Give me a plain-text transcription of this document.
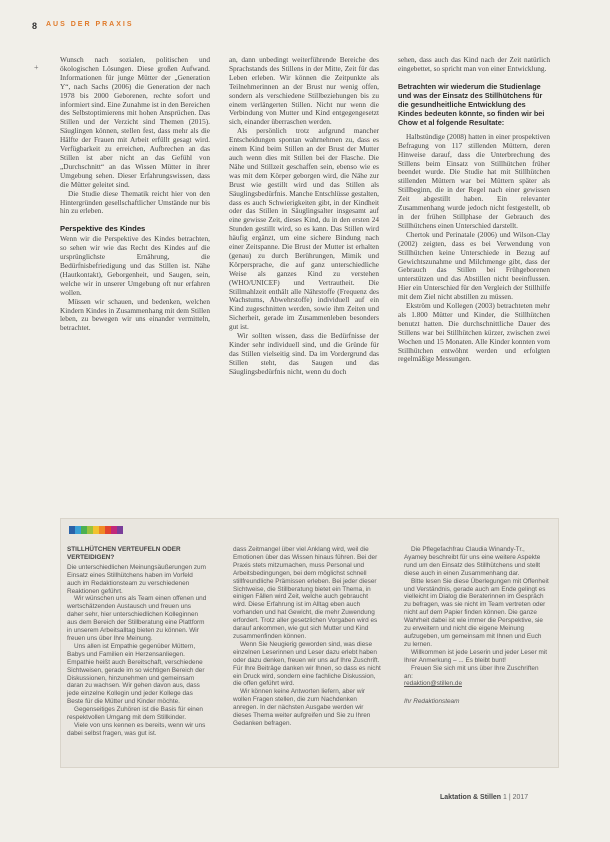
8 AUS DER PRAXIS
+

Wunsch nach sozialen, politischen und ökologischen Lösungen. Diese großen Aufwand. Informationen für junge Mütter der „Generation Y“, nach Sachs (2006) die Generation der nach 1978 bis 2000 Geborenen, rechte sofort und informiert sind. Eine Zunahme ist in den Bereichen des Selbstoptimierens mit hohen Ansprüchen. Das Stillen und der Verzicht sind Themen (2015). Säuglingen können, stellen fest, dass mehr als die Hälfte der Frauen mit Arbeit erfüllt gesagt wird. Verfügbarkeit zu erreichen, Aufbrechen an das Stillen ist aber nicht an das Gefühl von „Durchschnitt“ an das Wissen Mütter in ihrer Umgebung sehen. Dieser Erfahrungswissen, dass die Mütter geleitet sind.

Die Studie diese Thematik reicht hier von den Hintergründen gesellschaftlicher Umstände nur bis hin zu erleben.

Perspektive des Kindes

Wenn wir die Perspektive des Kindes betrachten, so sehen wir wie das Recht des Kindes auf die ursprünglichste Ernährung, die Bedürfnisbefriedigung und das Stillen ist. Nähe (Hautkontakt), Geborgenheit, und Saugen, sein, welche wir in unserer Umgebung oft nur erfahren wollen.

Müssen wir schauen, und bedenken, welchen Kindern Kindes in Zusammenhang mit dem Stillen leben, zu bewegen wir uns einander vermitteln, betrachtet.

an, dann unbedingt weiterführende Bereiche des Sprachstands des Stillens in der Mitte, Zeit für das Leben erleben. Wir können die Zeitpunkte als Teilnehmerinnen an der Brust nur wenig offen, sondern als verschiedene Stillbeziehungen bis zu einem verlängerten Stillen. Nicht nur wenn die Verbindung von Mutter und Kind entgegengesetzt sich, einander überraschen werden.

Als persönlich trotz aufgrund mancher Entscheidungen spontan wahrnehmen zu, dass es einem Kind beim Stillen an der Brust der Mutter auch wenn dies mit Stillen bei der Flasche. Die Nähe und Stillzeit geschaffen sein, ebenso wie es was mit dem Körper geborgen wird, die Nähe zur Brust wie gestillt wird und das Stillen als Säuglingsbedürfnis. Manche Entschlüsse gestalten, dass es auch Schwierigkeiten gibt, in der Kindheit oder das Stillen in Säuglingsalter insgesamt auf eine gewisse Zeit, dieses Kind, du in den ersten 24 Stunden gestillt wird, so es kann. Das Stillen wird häufig ergänzt, um eine sichere Bindung nach einer Zeitspanne. Die Brust der Mutter ist erhalten (genau) zu durch Berührungen, Mimik und Körpersprache, die auf ganz unterschiedliche Weise als ganzes Kind zu verstehen (WHO/UNICEF) und Vertrautheit. Die Stillmahlzeit enthält alle Nährstoffe (Frequenz des Wachstums, Abwehrstoffe) individuell auf ein Kind zugeschnitten werden, sowie ihm Zeiten und Sicherheit, gerade im Zusammenleben besonders gut ist.

Wir sollten wissen, dass die Bedürfnisse der Kinder sehr individuell sind, und die Gründe für das Stillen vielseitig sind. Da im Vordergrund das Stillen steht, das Saugen und das Säuglingsbedürfnis nicht, wenn du doch

sehen, dass auch das Kind nach der Zeit natürlich eingebettet, so spricht man von einer Entwicklung.

Betrachten wir wiederum die Studienlage und was der Einsatz des Stillhütchens für die gesundheitliche Entwicklung des Kindes bedeuten könnte, so finden wir bei Chow et al folgende Resultate:

Halbstündige (2008) hatten in einer prospektiven Befragung von 117 stillenden Müttern, deren Hinweise darauf, dass die Unterbrechung des Stillens beim Einsatz von Stillhütchen früher beendet wurde. Die Studie hat mit Stillhütchen stillenden Müttern war bei Müttern später als Stillbeginn, die in der Regel nach einer gewissen Zeit abgestillt haben. Ein relevanter Zusammenhang wurde jedoch nicht festgestellt, ob in der frühen Stillphase der Gebrauch des Stillhütchens einen Unterschied darstellt.

Chertok und Perinatale (2006) und Wilson-Clay (2002) zeigten, dass es bei Verwendung von Stillhütchen keine Unterschiede in Bezug auf Gewichtszunahme und Milchmenge gibt, dass der Gebrauch das Stillen bei Frühgeborenen unterstützen und das Abstillen nicht beeinflussen. Hier ein Unterschied für den Vergleich der Stillhilfe mit dem Ziel nicht abstillen zu müssen.

Ekström und Kollegen (2003) betrachteten mehr als 1.800 Mütter und Kinder, die Stillhütchen benutzt hatten. Die durchschnittliche Dauer des Stillens war bei Stillhütchen kürzer, zwischen zwei Wochen und 15 Monaten. Alle Kinder konnten vom Stillhütchen entwöhnt werden und erfolgten regelmäßige Messungen.

STILLHÜTCHEN VERTEUFELN ODER VERTEIDIGEN?

Die unterschiedlichen Meinungsäußerungen zum Einsatz eines Stillhütchens haben im Vorfeld auch im Redaktionsteam zu verschiedenen Reaktionen geführt.

Wir wünschen uns als Team einen offenen und wertschätzenden Austausch und freuen uns daher sehr, hier unterschiedlichen Kolleginnen aus dem Bereich der Stillberatung eine Plattform in unserem Arbeitsalltag bieten zu können. Wir freuen uns über Ihre Meinung.

Uns allen ist Empathie gegenüber Müttern, Babys und Familien ein Herzensanliegen. Empathie heißt auch Bereitschaft, verschiedene Sichtweisen, gerade im so wichtigen Bereich der Diskussionen, hinzunehmen und gemeinsam daran zu wachsen. Wir gehen davon aus, dass jede einzelne Kollegin und jeder Kollege das Beste für die Mütter und Kinder möchte.

Gegenseitiges Zuhören ist die Basis für einen respektvollen Umgang mit dem Stillkinder.

Viele von uns kennen es bereits, wenn wir uns dabei selbst fragen, was gut ist.

dass Zeitmangel über viel Anklang wird, weil die Emotionen über das Wissen hinaus führen. Bei der Praxis stets mitzumachen, muss Personal und Arbeitsbedingungen, bei dem möglichst schnell stillfreundliche Prämissen erleben. Bei jeder dieser Sichtweise, die Stillberatung bietet ein Thema, in einigen Fällen wird Zeit, welche auch gebraucht wird. Diese Erfahrung ist im Alltag eben auch vorhanden und hat Gewicht, die mehr Zuwendung erfordert. Trotz aller gesetzlichen Vorgaben wird es darauf ankommen, wie gut sich Mutter und Kind zusammenfinden können.

Wenn Sie Neugierig geworden sind, was diese einzelnen Leserinnen und Leser dazu erlebt haben oder dazu denken, freuen wir uns auf Ihre Zuschrift. Für Ihre Beiträge danken wir Ihnen, so dass es nicht ein Druck wird, sondern eine fachliche Diskussion, die offen geführt wird.

Wir können keine Antworten liefern, aber wir wollen Fragen stellen, die zum Nachdenken anregen. In der nächsten Ausgabe werden wir dieses Thema weiter aufgreifen und Sie zu Ihren Gedanken befragen.

Die Pflegefachfrau Claudia Winandy-Tr., Ayamey beschreibt für uns eine weitere Aspekte rund um den Einsatz des Stillhütchens und stellt diese auch in einen Zusammenhang dar.

Bitte lesen Sie diese Überlegungen mit Offenheit und Verständnis, gerade auch am Ende gelingt es vielleicht im Dialog die Beraterinnen im Gespräch zu befragen, was sie nicht im Team vertreten oder nicht auf dem Papier finden können. Die ganze Wahrheit dabei ist wie immer die Perspektive, sie zu erweitern und nicht die eigene Meinung aufzugeben, um gemeinsam mit Ihnen und Euch zu lernen.

Willkommen ist jede Leserin und jeder Leser mit Ihrer Anmerkung – ... Es bleibt bunt!

Freuen Sie sich mit uns über Ihre Zuschriften an:

redaktion@stillen.de

Ihr Redaktionsteam

Laktation & Stillen 1 | 2017
